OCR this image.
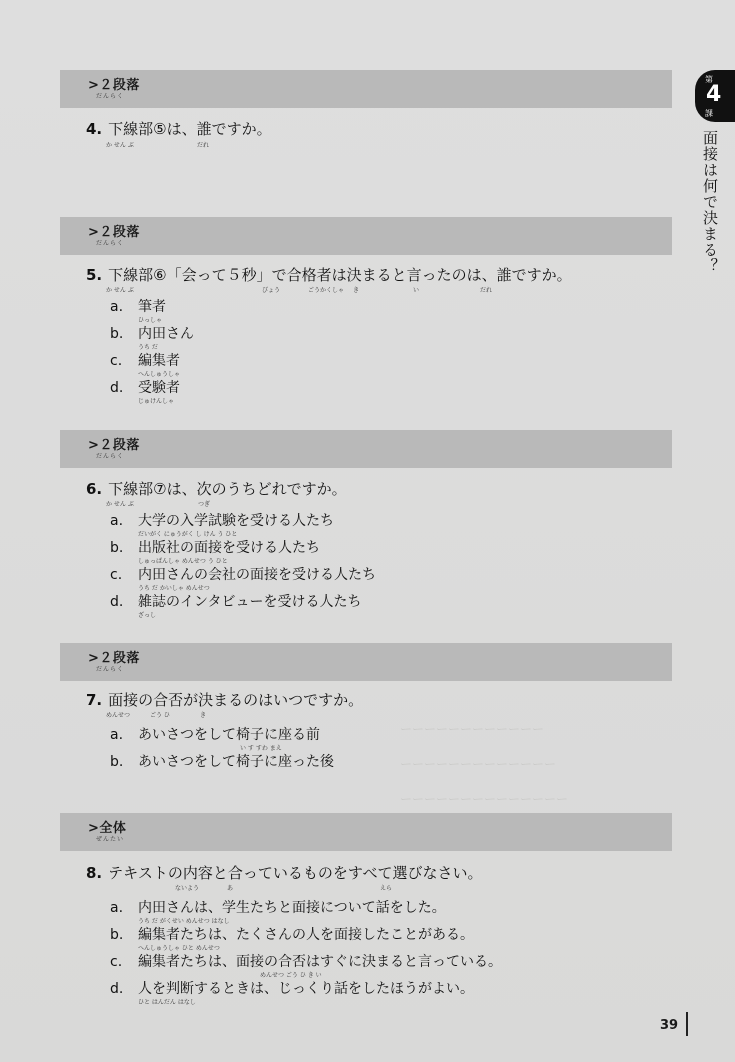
ーーーーーーーーーーーー
ーーーーーーーーーーーーー
ーーーーーーーーーーーーーー
第
4
課
面接は何で決まる？
>２段落
だんらく
4. 下線部⑤は、誰ですか。
か せん ぶ	だれ
>２段落
だんらく
5. 下線部⑥「会って５秒」で合格者は決まると言ったのは、誰ですか。
か せん ぶ	びょう	ごうかくしゃ き	い	だれ
a. 筆者
ひっしゃ
b. 内田さん
うち だ
c. 編集者
へんしゅうしゃ
d. 受験者
じゅけんしゃ
>２段落
だんらく
6. 下線部⑦は、次のうちどれですか。
か せん ぶ	つぎ
a. 大学の入学試験を受ける人たち
だいがく にゅうがく し けん う ひと
b. 出版社の面接を受ける人たち
しゅっぱんしゃ めんせつ う ひと
c. 内田さんの会社の面接を受ける人たち
うち だ かいしゃ めんせつ
d. 雑誌のインタビューを受ける人たち
ざっし
>２段落
だんらく
7. 面接の合否が決まるのはいつですか。
めんせつ	ごう ひ	き
a. あいさつをして椅子に座る前
い す すわ まえ
b. あいさつをして椅子に座った後
>全体
ぜんたい
8. テキストの内容と合っているものをすべて選びなさい。
ないよう	あ	えら
a. 内田さんは、学生たちと面接について話をした。
うち だ がくせい めんせつ はなし
b. 編集者たちは、たくさんの人を面接したことがある。
へんしゅうしゃ ひと めんせつ
c. 編集者たちは、面接の合否はすぐに決まると言っている。
めんせつ ごう ひ き い
d. 人を判断するときは、じっくり話をしたほうがよい。
ひと はんだん はなし
39
